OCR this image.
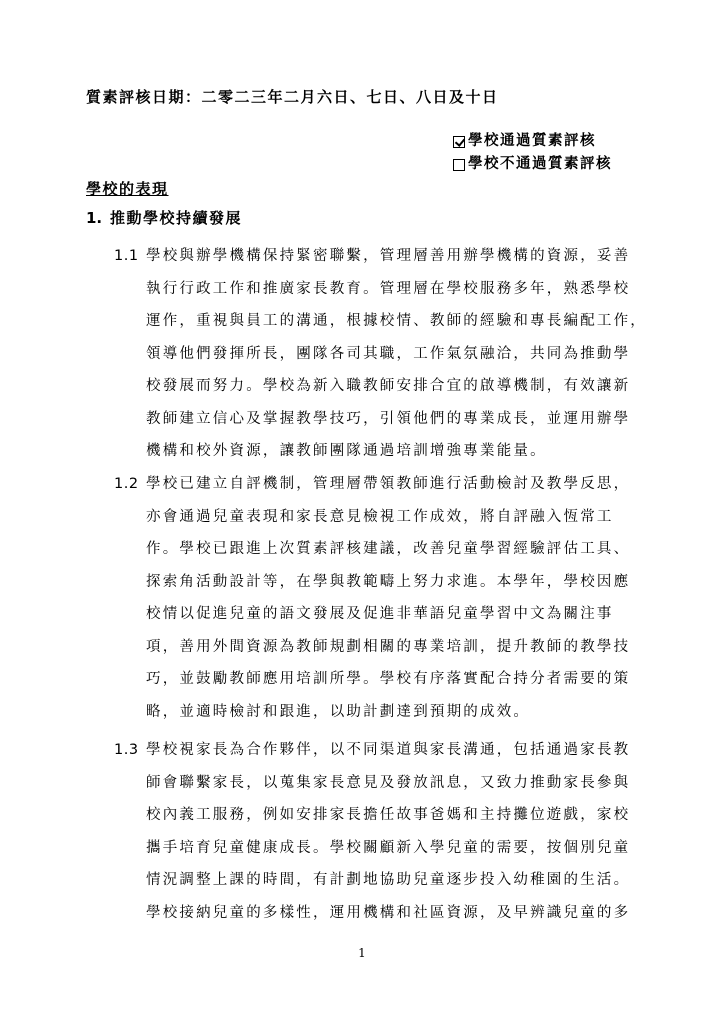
質素評核日期：二零二三年二月六日、七日、八日及十日
學校通過質素評核
學校不通過質素評核
學校的表現
1. 推動學校持續發展
1.1 學校與辦學機構保持緊密聯繫，管理層善用辦學機構的資源，妥善
執行行政工作和推廣家長教育。管理層在學校服務多年，熟悉學校
運作，重視與員工的溝通，根據校情、教師的經驗和專長編配工作，
領導他們發揮所長，團隊各司其職，工作氣氛融洽，共同為推動學
校發展而努力。學校為新入職教師安排合宜的啟導機制，有效讓新
教師建立信心及掌握教學技巧，引領他們的專業成長，並運用辦學
機構和校外資源，讓教師團隊通過培訓增強專業能量。
1.2 學校已建立自評機制，管理層帶領教師進行活動檢討及教學反思，
亦會通過兒童表現和家長意見檢視工作成效，將自評融入恆常工
作。學校已跟進上次質素評核建議，改善兒童學習經驗評估工具、
探索角活動設計等，在學與教範疇上努力求進。本學年，學校因應
校情以促進兒童的語文發展及促進非華語兒童學習中文為關注事
項，善用外間資源為教師規劃相關的專業培訓，提升教師的教學技
巧，並鼓勵教師應用培訓所學。學校有序落實配合持分者需要的策
略，並適時檢討和跟進，以助計劃達到預期的成效。
1.3 學校視家長為合作夥伴，以不同渠道與家長溝通，包括通過家長教
師會聯繫家長，以蒐集家長意見及發放訊息，又致力推動家長參與
校內義工服務，例如安排家長擔任故事爸媽和主持攤位遊戲，家校
攜手培育兒童健康成長。學校關顧新入學兒童的需要，按個別兒童
情況調整上課的時間，有計劃地協助兒童逐步投入幼稚園的生活。
學校接納兒童的多樣性，運用機構和社區資源，及早辨識兒童的多
1
